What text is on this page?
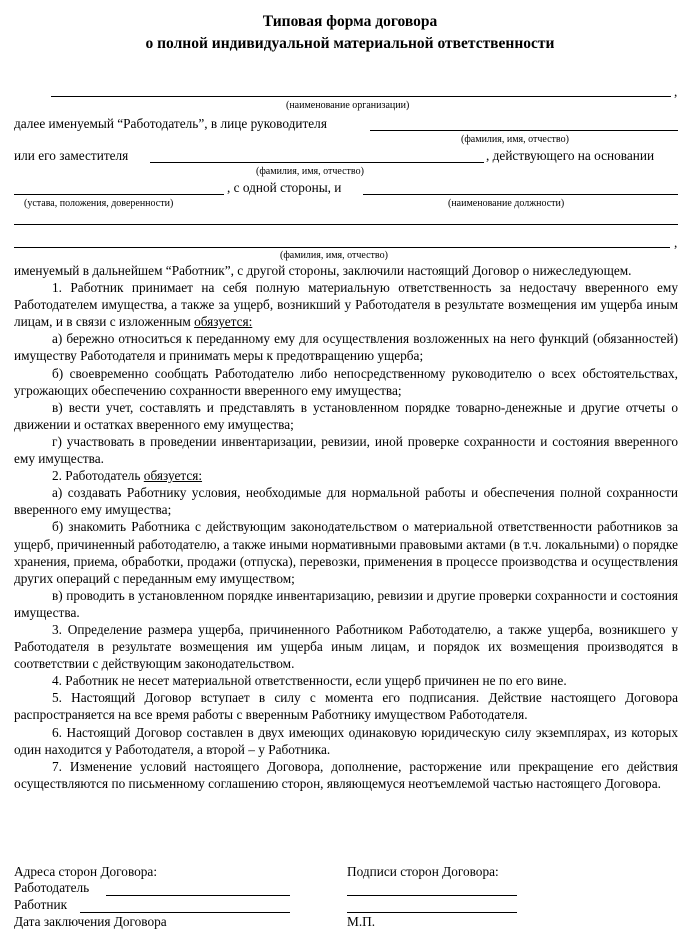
Типовая форма договора
о полной индивидуальной материальной ответственности
,
(наименование организации)
далее именуемый “Работодатель”, в лице руководителя
(фамилия, имя, отчество)
или его заместителя	, действующего на основании
(фамилия, имя, отчество)
, с одной стороны, и
(устава, положения, доверенности)	(наименование должности)
,
(фамилия, имя, отчество)

именуемый в дальнейшем “Работник”, с другой стороны, заключили настоящий Договор о нижеследующем.

1. Работник принимает на себя полную материальную ответственность за недостачу вверенного ему Работодателем имущества, а также за ущерб, возникший у Работодателя в результате возмещения им ущерба иным лицам, и в связи с изложенным обязуется:

а) бережно относиться к переданному ему для осуществления возложенных на него функций (обязанностей) имуществу Работодателя и принимать меры к предотвращению ущерба;

б) своевременно сообщать Работодателю либо непосредственному руководителю о всех обстоятельствах, угрожающих обеспечению сохранности вверенного ему имущества;

в) вести учет, составлять и представлять в установленном порядке товарно-денежные и другие отчеты о движении и остатках вверенного ему имущества;

г) участвовать в проведении инвентаризации, ревизии, иной проверке сохранности и состояния вверенного ему имущества.

2. Работодатель обязуется:

а) создавать Работнику условия, необходимые для нормальной работы и обеспечения полной сохранности вверенного ему имущества;

б) знакомить Работника с действующим законодательством о материальной ответственности работников за ущерб, причиненный работодателю, а также иными нормативными правовыми актами (в т.ч. локальными) о порядке хранения, приема, обработки, продажи (отпуска), перевозки, применения в процессе производства и осуществления других операций с переданным ему имуществом;

в) проводить в установленном порядке инвентаризацию, ревизии и другие проверки сохранности и состояния имущества.

3. Определение размера ущерба, причиненного Работником Работодателю, а также ущерба, возникшего у Работодателя в результате возмещения им ущерба иным лицам, и порядок их возмещения производятся в соответствии с действующим законодательством.

4. Работник не несет материальной ответственности, если ущерб причинен не по его вине.

5. Настоящий Договор вступает в силу с момента его подписания. Действие настоящего Договора распространяется на все время работы с вверенным Работнику имуществом Работодателя.

6. Настоящий Договор составлен в двух имеющих одинаковую юридическую силу экземплярах, из которых один находится у Работодателя, а второй – у Работника.

7. Изменение условий настоящего Договора, дополнение, расторжение или прекращение его действия осуществляются по письменному соглашению сторон, являющемуся неотъемлемой частью настоящего Договора.

Адреса сторон Договора:	Подписи сторон Договора:
Работодатель
Работник
Дата заключения Договора	М.П.
